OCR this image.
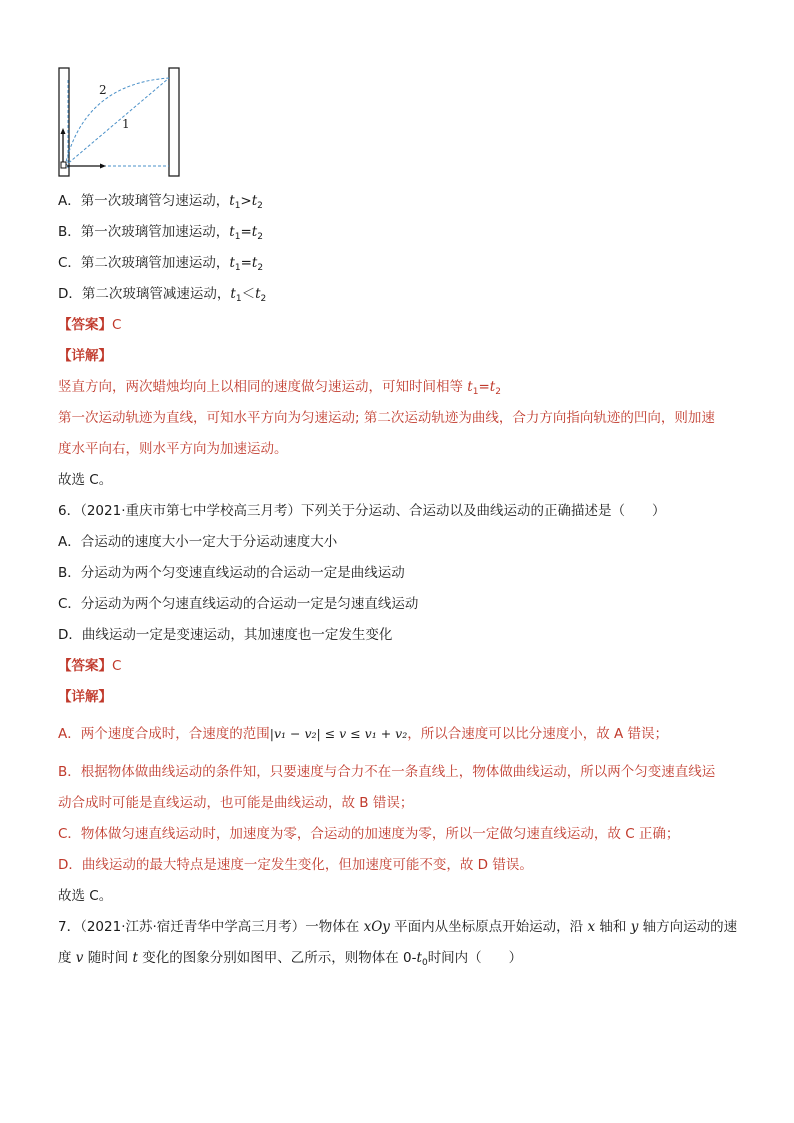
2
1
A．第一次玻璃管匀速运动，$t_1>t_2$
B．第一次玻璃管加速运动，$t_1=t_2$
C．第二次玻璃管加速运动，$t_1=t_2$
D．第二次玻璃管减速运动，$t_1<t_2$
【答案】C
【详解】
竖直方向，两次蜡烛均向上以相同的速度做匀速运动，可知时间相等 $t_1=t_2$
第一次运动轨迹为直线，可知水平方向为匀速运动; 第二次运动轨迹为曲线，合力方向指向轨迹的凹向，则加速
度水平向右，则水平方向为加速运动。
故选 C。
6．（2021·重庆市第七中学校高三月考）下列关于分运动、合运动以及曲线运动的正确描述是（　　）
A．合运动的速度大小一定大于分运动速度大小
B．分运动为两个匀变速直线运动的合运动一定是曲线运动
C．分运动为两个匀速直线运动的合运动一定是匀速直线运动
D．曲线运动一定是变速运动，其加速度也一定发生变化
【答案】C
【详解】
A．两个速度合成时，合速度的范围|v₁ − v₂| ≤ v ≤ v₁ + v₂，所以合速度可以比分速度小，故 A 错误；
B．根据物体做曲线运动的条件知，只要速度与合力不在一条直线上，物体做曲线运动，所以两个匀变速直线运
动合成时可能是直线运动，也可能是曲线运动，故 B 错误；
C．物体做匀速直线运动时，加速度为零，合运动的加速度为零，所以一定做匀速直线运动，故 C 正确；
D．曲线运动的最大特点是速度一定发生变化，但加速度可能不变，故 D 错误。
故选 C。
7．（2021·江苏·宿迁青华中学高三月考）一物体在 xOy 平面内从坐标原点开始运动，沿 x 轴和 y 轴方向运动的速
度 v 随时间 t 变化的图象分别如图甲、乙所示，则物体在 $0-t_0$时间内（　　）
